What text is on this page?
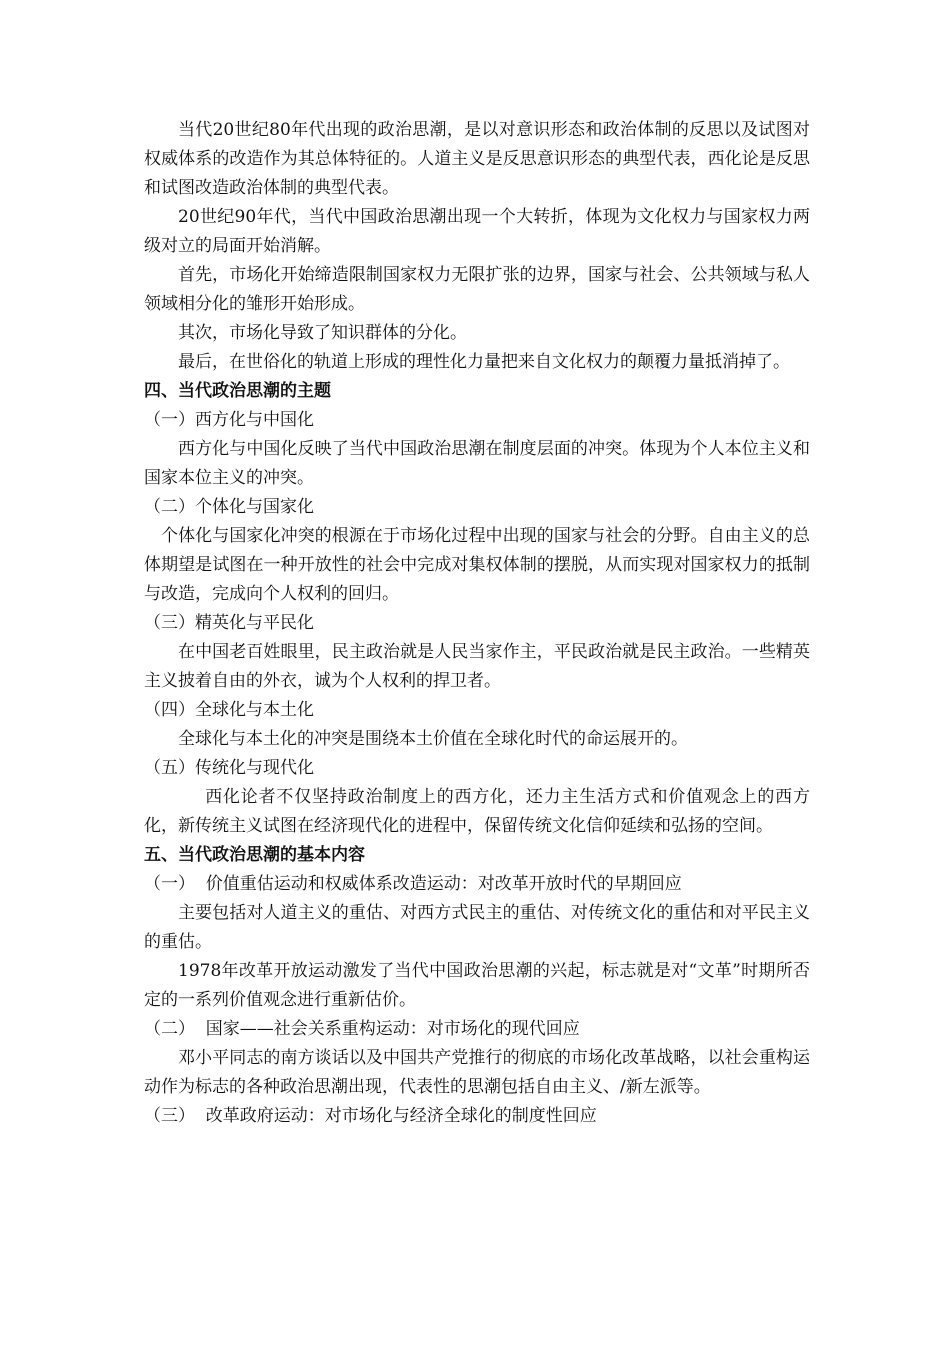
当代20世纪80年代出现的政治思潮，是以对意识形态和政治体制的反思以及试图对权威体系的改造作为其总体特征的。人道主义是反思意识形态的典型代表，西化论是反思和试图改造政治体制的典型代表。

20世纪90年代，当代中国政治思潮出现一个大转折，体现为文化权力与国家权力两级对立的局面开始消解。

首先，市场化开始缔造限制国家权力无限扩张的边界，国家与社会、公共领域与私人领域相分化的雏形开始形成。

其次，市场化导致了知识群体的分化。

最后，在世俗化的轨道上形成的理性化力量把来自文化权力的颠覆力量抵消掉了。

四、当代政治思潮的主题

（一）西方化与中国化

西方化与中国化反映了当代中国政治思潮在制度层面的冲突。体现为个人本位主义和国家本位主义的冲突。

（二）个体化与国家化

个体化与国家化冲突的根源在于市场化过程中出现的国家与社会的分野。自由主义的总体期望是试图在一种开放性的社会中完成对集权体制的摆脱，从而实现对国家权力的抵制与改造，完成向个人权利的回归。

（三）精英化与平民化

在中国老百姓眼里，民主政治就是人民当家作主，平民政治就是民主政治。一些精英主义披着自由的外衣，诚为个人权利的捍卫者。

（四）全球化与本土化

全球化与本土化的冲突是围绕本土价值在全球化时代的命运展开的。

（五）传统化与现代化

西化论者不仅坚持政治制度上的西方化，还力主生活方式和价值观念上的西方化，新传统主义试图在经济现代化的进程中，保留传统文化信仰延续和弘扬的空间。

五、当代政治思潮的基本内容

（一）  价值重估运动和权威体系改造运动：对改革开放时代的早期回应

主要包括对人道主义的重估、对西方式民主的重估、对传统文化的重估和对平民主义的重估。

1978年改革开放运动激发了当代中国政治思潮的兴起，标志就是对“文革”时期所否定的一系列价值观念进行重新估价。

（二）  国家——社会关系重构运动：对市场化的现代回应

邓小平同志的南方谈话以及中国共产党推行的彻底的市场化改革战略，以社会重构运动作为标志的各种政治思潮出现，代表性的思潮包括自由主义、/新左派等。

（三）  改革政府运动：对市场化与经济全球化的制度性回应
